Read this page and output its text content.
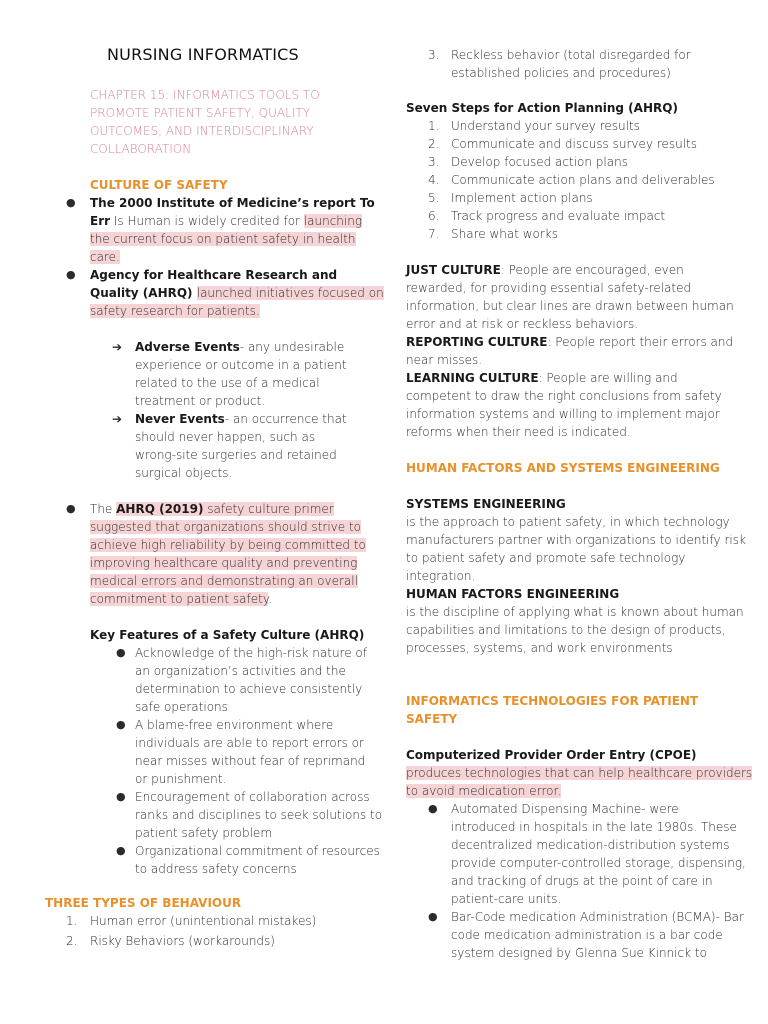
NURSING INFORMATICS
CHAPTER 15: INFORMATICS TOOLS TO
PROMOTE PATIENT SAFETY, QUALITY
OUTCOMES, AND INTERDISCIPLINARY
COLLABORATION
CULTURE OF SAFETY
● The 2000 Institute of Medicine’s report To
Err Is Human is widely credited for launching
the current focus on patient safety in health
care.
● Agency for Healthcare Research and
Quality (AHRQ) launched initiatives focused on
safety research for patients.
➔ Adverse Events- any undesirable
experience or outcome in a patient
related to the use of a medical
treatment or product.
➔ Never Events- an occurrence that
should never happen, such as
wrong-site surgeries and retained
surgical objects.
● The AHRQ (2019) safety culture primer
suggested that organizations should strive to
achieve high reliability by being committed to
improving healthcare quality and preventing
medical errors and demonstrating an overall
commitment to patient safety.
Key Features of a Safety Culture (AHRQ)
● Acknowledge of the high-risk nature of
an organization’s activities and the
determination to achieve consistently
safe operations
● A blame-free environment where
individuals are able to report errors or
near misses without fear of reprimand
or punishment.
● Encouragement of collaboration across
ranks and disciplines to seek solutions to
patient safety problem
● Organizational commitment of resources
to address safety concerns
THREE TYPES OF BEHAVIOUR
1. Human error (unintentional mistakes)
2. Risky Behaviors (workarounds)
3. Reckless behavior (total disregarded for
established policies and procedures)
Seven Steps for Action Planning (AHRQ)
1. Understand your survey results
2. Communicate and discuss survey results
3. Develop focused action plans
4. Communicate action plans and deliverables
5. Implement action plans
6. Track progress and evaluate impact
7. Share what works
JUST CULTURE: People are encouraged, even
rewarded, for providing essential safety-related
information, but clear lines are drawn between human
error and at risk or reckless behaviors.
REPORTING CULTURE: People report their errors and
near misses.
LEARNING CULTURE: People are willing and
competent to draw the right conclusions from safety
information systems and willing to implement major
reforms when their need is indicated.
HUMAN FACTORS AND SYSTEMS ENGINEERING
SYSTEMS ENGINEERING
is the approach to patient safety, in which technology
manufacturers partner with organizations to identify risk
to patient safety and promote safe technology
integration.
HUMAN FACTORS ENGINEERING
is the discipline of applying what is known about human
capabilities and limitations to the design of products,
processes, systems, and work environments
INFORMATICS TECHNOLOGIES FOR PATIENT
SAFETY
Computerized Provider Order Entry (CPOE)
produces technologies that can help healthcare providers
to avoid medication error.
● Automated Dispensing Machine- were
introduced in hospitals in the late 1980s. These
decentralized medication-distribution systems
provide computer-controlled storage, dispensing,
and tracking of drugs at the point of care in
patient-care units.
● Bar-Code medication Administration (BCMA)- Bar
code medication administration is a bar code
system designed by Glenna Sue Kinnick to
